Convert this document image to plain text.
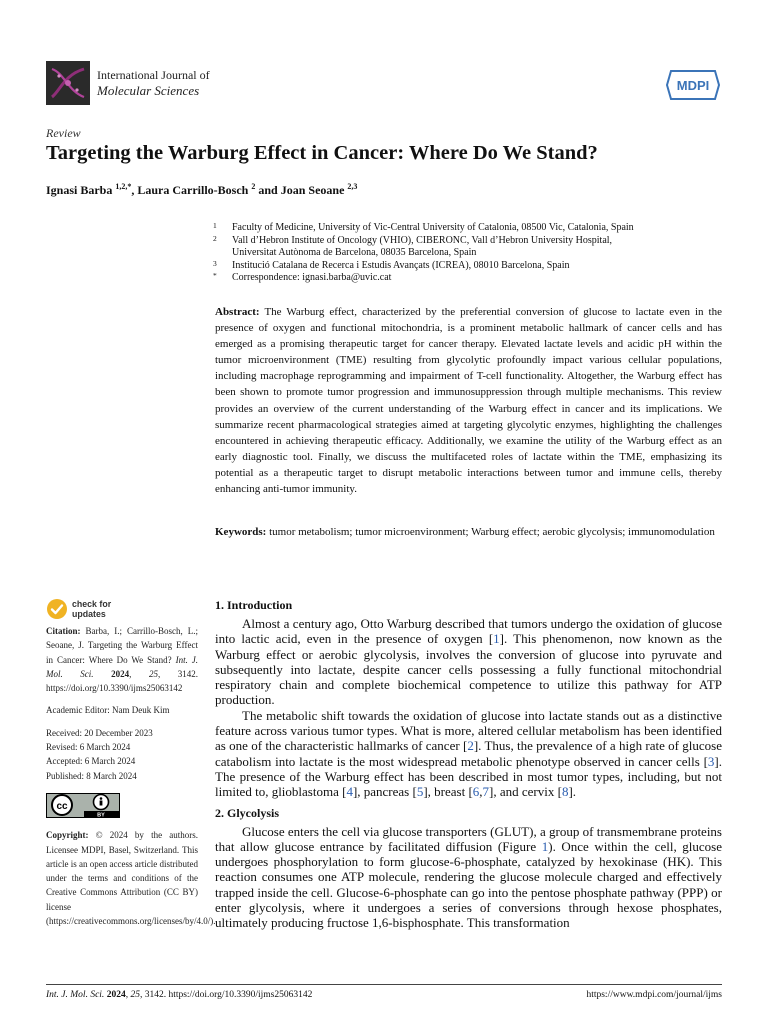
International Journal of
Molecular Sciences	MDPI
Review
Targeting the Warburg Effect in Cancer: Where Do We Stand?
Ignasi Barba $^{1,2,*}$, Laura Carrillo-Bosch $^2$ and Joan Seoane $^{2,3}$
1 Faculty of Medicine, University of Vic-Central University of Catalonia, 08500 Vic, Catalonia, Spain
2 Vall d’Hebron Institute of Oncology (VHIO), CIBERONC, Vall d’Hebron University Hospital,
Universitat Autònoma de Barcelona, 08035 Barcelona, Spain
3 Institució Catalana de Recerca i Estudis Avançats (ICREA), 08010 Barcelona, Spain
* Correspondence: ignasi.barba@uvic.cat

Abstract: The Warburg effect, characterized by the preferential conversion of glucose to lactate even in the presence of oxygen and functional mitochondria, is a prominent metabolic hallmark of cancer cells and has emerged as a promising therapeutic target for cancer therapy. Elevated lactate levels and acidic pH within the tumor microenvironment (TME) resulting from glycolytic profoundly impact various cellular populations, including macrophage reprogramming and impairment of T-cell functionality. Altogether, the Warburg effect has been shown to promote tumor progression and immunosuppression through multiple mechanisms. This review provides an overview of the current understanding of the Warburg effect in cancer and its implications. We summarize recent pharmacological strategies aimed at targeting glycolytic enzymes, highlighting the challenges encountered in achieving therapeutic efficacy. Additionally, we examine the utility of the Warburg effect as an early diagnostic tool. Finally, we discuss the multifaceted roles of lactate within the TME, emphasizing its potential as a therapeutic target to disrupt metabolic interactions between tumor and immune cells, thereby enhancing anti-tumor immunity.

Keywords: tumor metabolism; tumor microenvironment; Warburg effect; aerobic glycolysis; immunomodulation

check for
updates

Citation: Barba, I.; Carrillo-Bosch, L.; Seoane, J. Targeting the Warburg Effect in Cancer: Where Do We Stand? Int. J. Mol. Sci. 2024, 25, 3142. https://doi.org/10.3390/ijms25063142

Academic Editor: Nam Deuk Kim

Received: 20 December 2023

Revised: 6 March 2024

Accepted: 6 March 2024

Published: 8 March 2024

cc
BY

Copyright: © 2024 by the authors. Licensee MDPI, Basel, Switzerland. This article is an open access article distributed under the terms and conditions of the Creative Commons Attribution (CC BY) license (https://creativecommons.org/licenses/by/4.0/).

1. Introduction

Almost a century ago, Otto Warburg described that tumors undergo the oxidation of glucose into lactic acid, even in the presence of oxygen [1]. This phenomenon, now known as the Warburg effect or aerobic glycolysis, involves the conversion of glucose into pyruvate and subsequently into lactate, despite cancer cells possessing a fully functional mitochondrial respiratory chain and complete biochemical competence to utilize this pathway for ATP production.

The metabolic shift towards the oxidation of glucose into lactate stands out as a distinctive feature across various tumor types. What is more, altered cellular metabolism has been identified as one of the characteristic hallmarks of cancer [2]. Thus, the prevalence of a high rate of glucose catabolism into lactate is the most widespread metabolic phenotype observed in cancer cells [3]. The presence of the Warburg effect has been described in most tumor types, including, but not limited to, glioblastoma [4], pancreas [5], breast [6,7], and cervix [8].

2. Glycolysis

Glucose enters the cell via glucose transporters (GLUT), a group of transmembrane proteins that allow glucose entrance by facilitated diffusion (Figure 1). Once within the cell, glucose undergoes phosphorylation to form glucose-6-phosphate, catalyzed by hexokinase (HK). This reaction consumes one ATP molecule, rendering the glucose molecule charged and effectively trapped inside the cell. Glucose-6-phosphate can go into the pentose phosphate pathway (PPP) or enter glycolysis, where it undergoes a series of conversions through hexose phosphates, ultimately producing fructose 1,6-bisphosphate. This transformation

Int. J. Mol. Sci. 2024, 25, 3142. https://doi.org/10.3390/ijms25063142	https://www.mdpi.com/journal/ijms
